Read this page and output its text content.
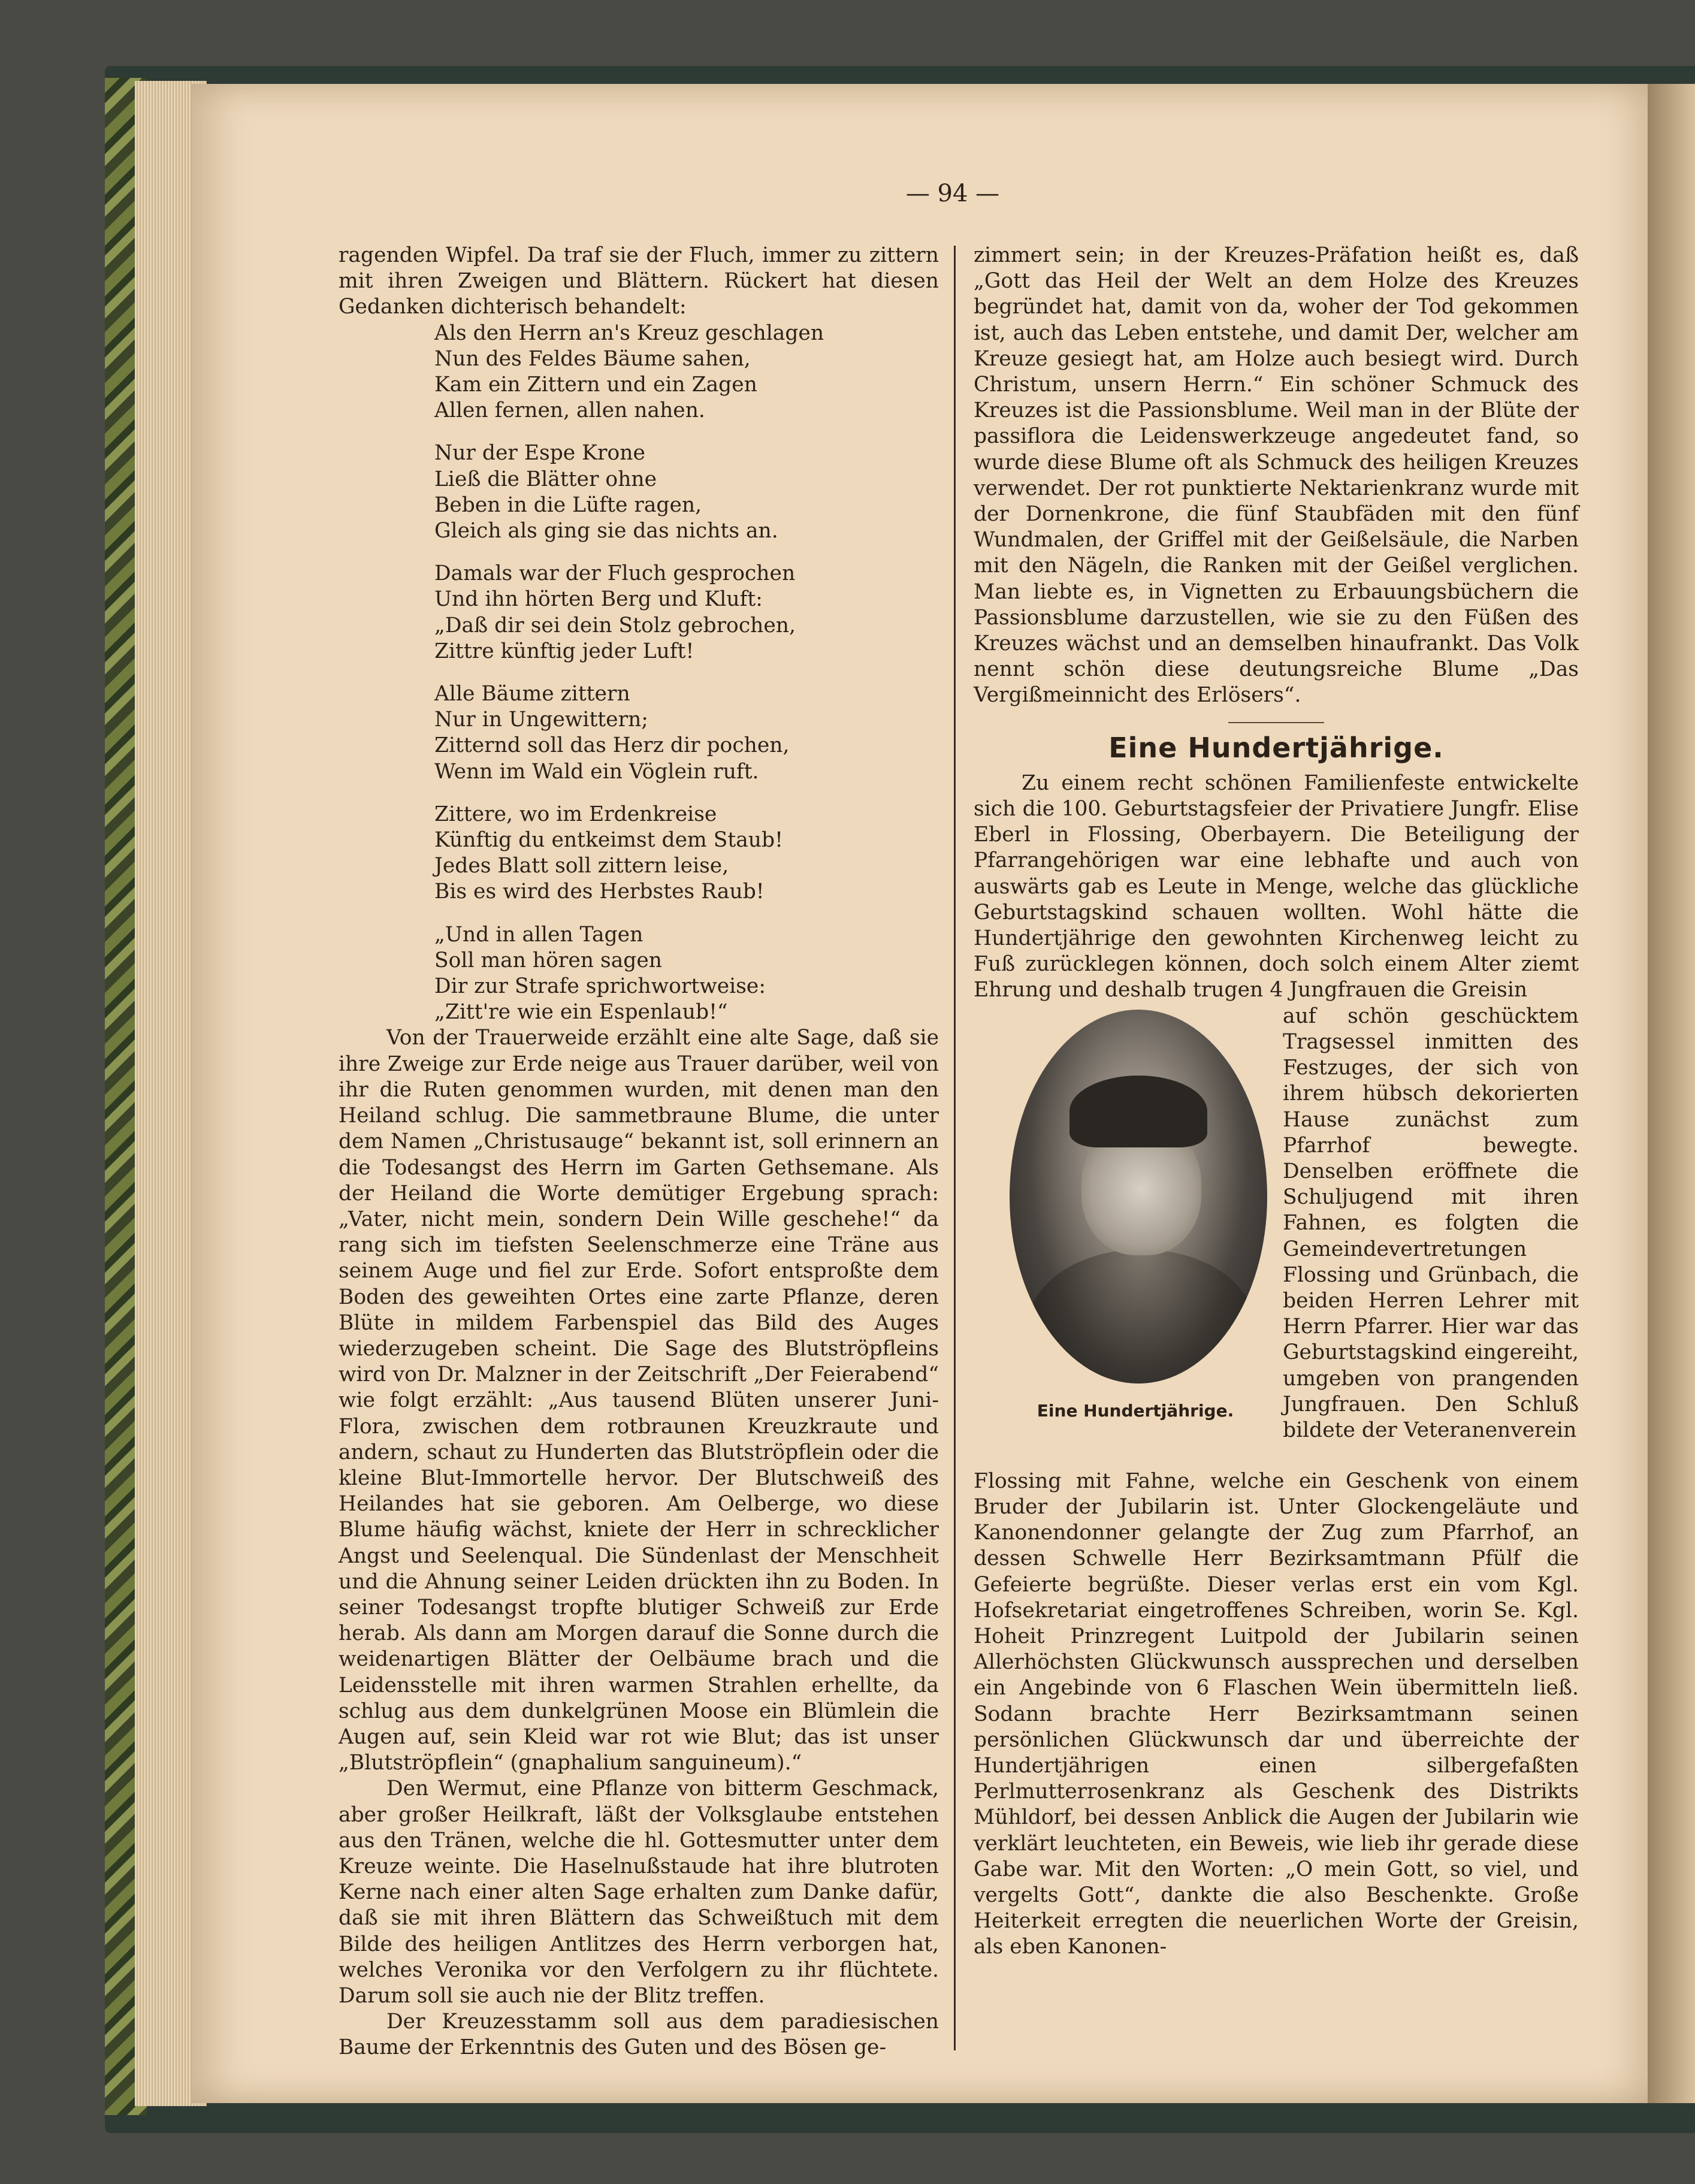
— 94 —

ragenden Wipfel. Da traf sie der Fluch, immer zu zittern mit ihren Zweigen und Blättern. Rückert hat diesen Gedanken dichterisch behandelt:

Als den Herrn an's Kreuz geschlagen
Nun des Feldes Bäume sahen,
Kam ein Zittern und ein Zagen
Allen fernen, allen nahen.
Nur der Espe Krone
Ließ die Blätter ohne
Beben in die Lüfte ragen,
Gleich als ging sie das nichts an.
Damals war der Fluch gesprochen
Und ihn hörten Berg und Kluft:
„Daß dir sei dein Stolz gebrochen,
Zittre künftig jeder Luft!
Alle Bäume zittern
Nur in Ungewittern;
Zitternd soll das Herz dir pochen,
Wenn im Wald ein Vöglein ruft.
Zittere, wo im Erdenkreise
Künftig du entkeimst dem Staub!
Jedes Blatt soll zittern leise,
Bis es wird des Herbstes Raub!
„Und in allen Tagen
Soll man hören sagen
Dir zur Strafe sprichwortweise:
„Zitt're wie ein Espenlaub!“

Von der Trauerweide erzählt eine alte Sage, daß sie ihre Zweige zur Erde neige aus Trauer darüber, weil von ihr die Ruten genommen wurden, mit denen man den Heiland schlug. Die sammetbraune Blume, die unter dem Namen „Christusauge“ bekannt ist, soll erinnern an die Todesangst des Herrn im Garten Gethsemane. Als der Heiland die Worte demütiger Ergebung sprach: „Vater, nicht mein, sondern Dein Wille geschehe!“ da rang sich im tiefsten Seelenschmerze eine Träne aus seinem Auge und fiel zur Erde. Sofort entsproßte dem Boden des geweihten Ortes eine zarte Pflanze, deren Blüte in mildem Farbenspiel das Bild des Auges wiederzugeben scheint. Die Sage des Blutströpfleins wird von Dr. Malzner in der Zeitschrift „Der Feierabend“ wie folgt erzählt: „Aus tausend Blüten unserer Juni-Flora, zwischen dem rotbraunen Kreuzkraute und andern, schaut zu Hunderten das Blutströpflein oder die kleine Blut-Immortelle hervor. Der Blutschweiß des Heilandes hat sie geboren. Am Oelberge, wo diese Blume häufig wächst, kniete der Herr in schrecklicher Angst und Seelenqual. Die Sündenlast der Menschheit und die Ahnung seiner Leiden drückten ihn zu Boden. In seiner Todesangst tropfte blutiger Schweiß zur Erde herab. Als dann am Morgen darauf die Sonne durch die weidenartigen Blätter der Oelbäume brach und die Leidensstelle mit ihren warmen Strahlen erhellte, da schlug aus dem dunkelgrünen Moose ein Blümlein die Augen auf, sein Kleid war rot wie Blut; das ist unser „Blutströpflein“ (gnaphalium sanguineum).“

Den Wermut, eine Pflanze von bitterm Geschmack, aber großer Heilkraft, läßt der Volksglaube entstehen aus den Tränen, welche die hl. Gottesmutter unter dem Kreuze weinte. Die Haselnußstaude hat ihre blutroten Kerne nach einer alten Sage erhalten zum Danke dafür, daß sie mit ihren Blättern das Schweißtuch mit dem Bilde des heiligen Antlitzes des Herrn verborgen hat, welches Veronika vor den Verfolgern zu ihr flüchtete. Darum soll sie auch nie der Blitz treffen.

Der Kreuzesstamm soll aus dem paradiesischen Baume der Erkenntnis des Guten und des Bösen ge-

zimmert sein; in der Kreuzes-Präfation heißt es, daß „Gott das Heil der Welt an dem Holze des Kreuzes begründet hat, damit von da, woher der Tod gekommen ist, auch das Leben entstehe, und damit Der, welcher am Kreuze gesiegt hat, am Holze auch besiegt wird. Durch Christum, unsern Herrn.“ Ein schöner Schmuck des Kreuzes ist die Passionsblume. Weil man in der Blüte der passiflora die Leidenswerkzeuge angedeutet fand, so wurde diese Blume oft als Schmuck des heiligen Kreuzes verwendet. Der rot punktierte Nektarienkranz wurde mit der Dornenkrone, die fünf Staubfäden mit den fünf Wundmalen, der Griffel mit der Geißelsäule, die Narben mit den Nägeln, die Ranken mit der Geißel verglichen. Man liebte es, in Vignetten zu Erbauungsbüchern die Passionsblume darzustellen, wie sie zu den Füßen des Kreuzes wächst und an demselben hinaufrankt. Das Volk nennt schön diese deutungsreiche Blume „Das Vergißmeinnicht des Erlösers“.

Eine Hundertjährige.

Zu einem recht schönen Familienfeste entwickelte sich die 100. Geburtstagsfeier der Privatiere Jungfr. Elise Eberl in Flossing, Oberbayern. Die Beteiligung der Pfarrangehörigen war eine lebhafte und auch von auswärts gab es Leute in Menge, welche das glückliche Geburtstagskind schauen wollten. Wohl hätte die Hundertjährige den gewohnten Kirchenweg leicht zu Fuß zurücklegen können, doch solch einem Alter ziemt Ehrung und deshalb trugen 4 Jungfrauen die Greisin

Eine Hundertjährige.

auf schön geschücktem Tragsessel inmitten des Festzuges, der sich von ihrem hübsch dekorierten Hause zunächst zum Pfarrhof bewegte. Denselben eröffnete die Schuljugend mit ihren Fahnen, es folgten die Gemeindevertretungen Flossing und Grünbach, die beiden Herren Lehrer mit Herrn Pfarrer. Hier war das Geburtstagskind eingereiht, umgeben von prangenden Jungfrauen. Den Schluß bildete der Veteranenverein

Flossing mit Fahne, welche ein Geschenk von einem Bruder der Jubilarin ist. Unter Glockengeläute und Kanonendonner gelangte der Zug zum Pfarrhof, an dessen Schwelle Herr Bezirksamtmann Pfülf die Gefeierte begrüßte. Dieser verlas erst ein vom Kgl. Hofsekretariat eingetroffenes Schreiben, worin Se. Kgl. Hoheit Prinzregent Luitpold der Jubilarin seinen Allerhöchsten Glückwunsch aussprechen und derselben ein Angebinde von 6 Flaschen Wein übermitteln ließ. Sodann brachte Herr Bezirksamtmann seinen persönlichen Glückwunsch dar und überreichte der Hundertjährigen einen silbergefaßten Perlmutterrosenkranz als Geschenk des Distrikts Mühldorf, bei dessen Anblick die Augen der Jubilarin wie verklärt leuchteten, ein Beweis, wie lieb ihr gerade diese Gabe war. Mit den Worten: „O mein Gott, so viel, und vergelts Gott“, dankte die also Beschenkte. Große Heiterkeit erregten die neuerlichen Worte der Greisin, als eben Kanonen-
